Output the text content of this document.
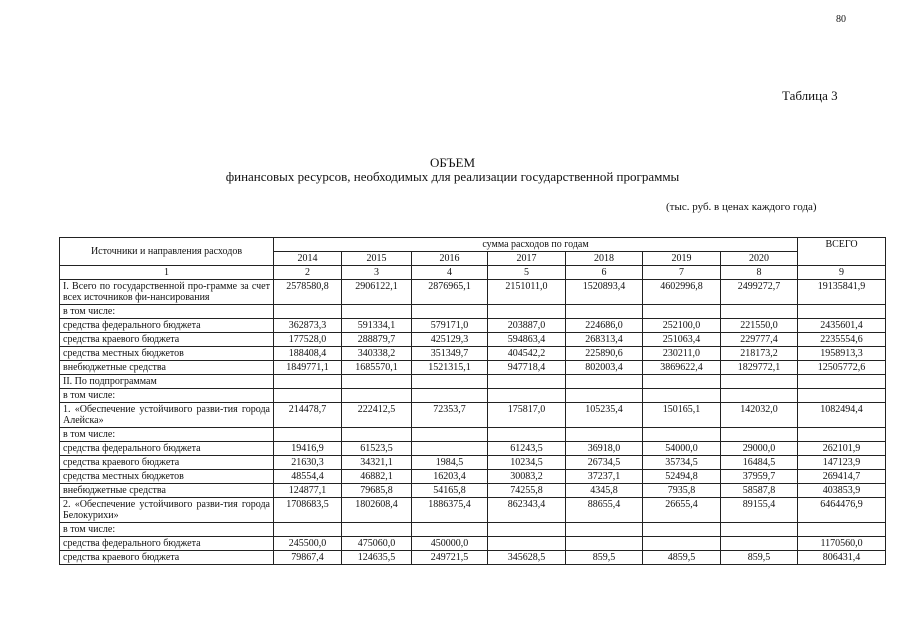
80
Таблица 3
ОБЪЕМ
финансовых ресурсов, необходимых для реализации государственной программы
(тыс. руб. в ценах каждого года)
Источники и направления расходов	сумма расходов по годам							ВСЕГО
	2014	2015	2016	2017	2018	2019	2020	
1	2	3	4	5	6	7	8	9
I. Всего по государственной про-грамме за счет всех источников фи-нансирования	2578580,8	2906122,1	2876965,1	2151011,0	1520893,4	4602996,8	2499272,7	19135841,9
в том числе:								
средства федерального бюджета	362873,3	591334,1	579171,0	203887,0	224686,0	252100,0	221550,0	2435601,4
средства краевого бюджета	177528,0	288879,7	425129,3	594863,4	268313,4	251063,4	229777,4	2235554,6
средства местных бюджетов	188408,4	340338,2	351349,7	404542,2	225890,6	230211,0	218173,2	1958913,3
внебюджетные средства	1849771,1	1685570,1	1521315,1	947718,4	802003,4	3869622,4	1829772,1	12505772,6
II. По подпрограммам								
в том числе:								
1. «Обеспечение устойчивого разви-тия города Алейска»	214478,7	222412,5	72353,7	175817,0	105235,4	150165,1	142032,0	1082494,4
в том числе:								
средства федерального бюджета	19416,9	61523,5		61243,5	36918,0	54000,0	29000,0	262101,9
средства краевого бюджета	21630,3	34321,1	1984,5	10234,5	26734,5	35734,5	16484,5	147123,9
средства местных бюджетов	48554,4	46882,1	16203,4	30083,2	37237,1	52494,8	37959,7	269414,7
внебюджетные средства	124877,1	79685,8	54165,8	74255,8	4345,8	7935,8	58587,8	403853,9
2. «Обеспечение устойчивого разви-тия города Белокурихи»	1708683,5	1802608,4	1886375,4	862343,4	88655,4	26655,4	89155,4	6464476,9
в том числе:								
средства федерального бюджета	245500,0	475060,0	450000,0					1170560,0
средства краевого бюджета	79867,4	124635,5	249721,5	345628,5	859,5	4859,5	859,5	806431,4
